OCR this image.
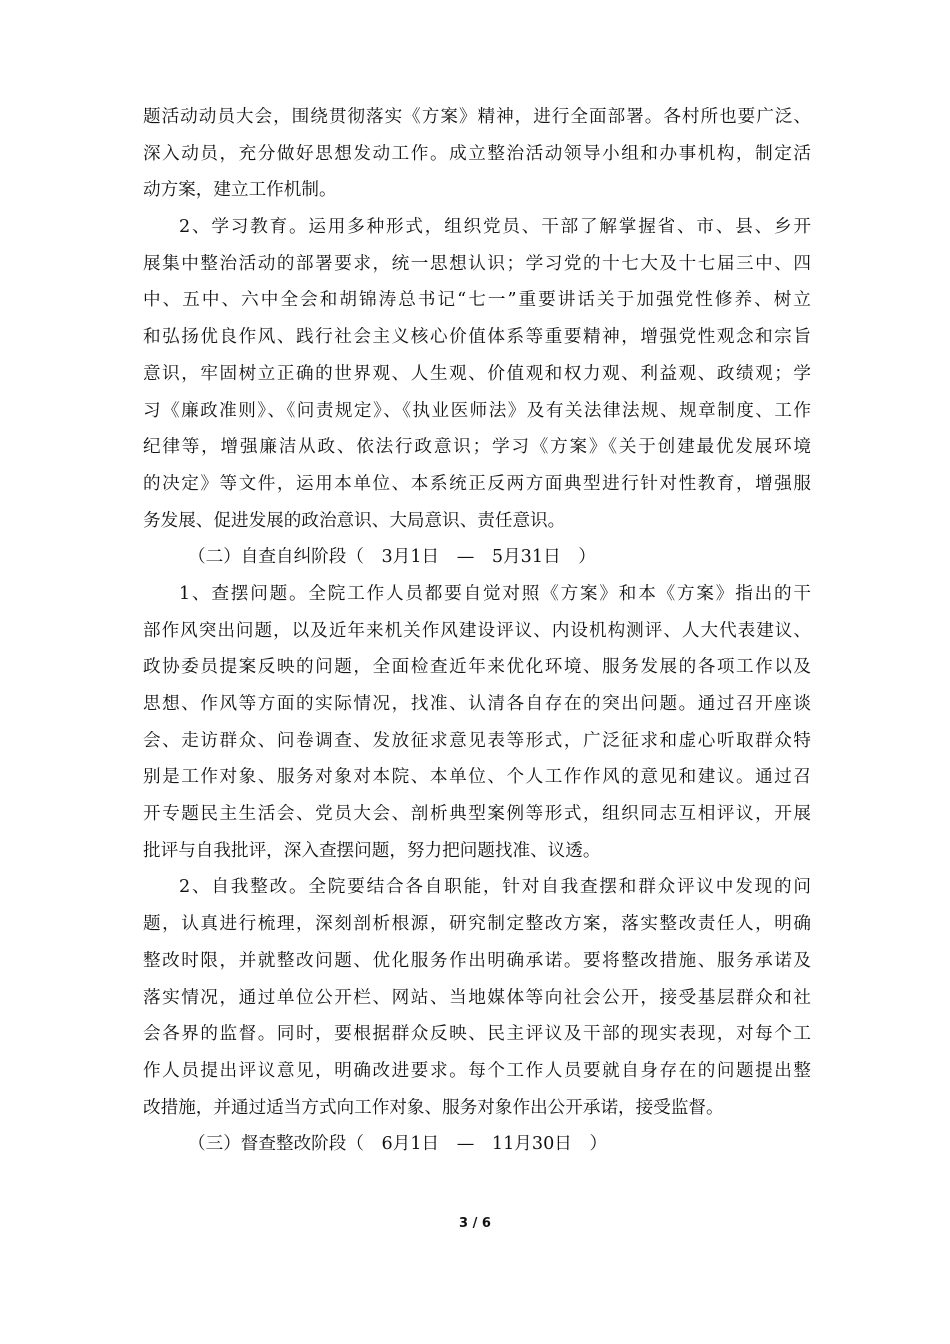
题活动动员大会，围绕贯彻落实《方案》精神，进行全面部署。各村所也要广泛、
深入动员，充分做好思想发动工作。成立整治活动领导小组和办事机构，制定活
动方案，建立工作机制。
2、学习教育。运用多种形式，组织党员、干部了解掌握省、市、县、乡开
展集中整治活动的部署要求，统一思想认识；学习党的十七大及十七届三中、四
中、五中、六中全会和胡锦涛总书记“七一”重要讲话关于加强党性修养、树立
和弘扬优良作风、践行社会主义核心价值体系等重要精神，增强党性观念和宗旨
意识，牢固树立正确的世界观、人生观、价值观和权力观、利益观、政绩观；学
习《廉政准则》、《问责规定》、《执业医师法》及有关法律法规、规章制度、工作
纪律等，增强廉洁从政、依法行政意识；学习《方案》《关于创建最优发展环境
的决定》等文件，运用本单位、本系统正反两方面典型进行针对性教育，增强服
务发展、促进发展的政治意识、大局意识、责任意识。
（二）自查自纠阶段（　3月1日　—　5月31日　）
1、查摆问题。全院工作人员都要自觉对照《方案》和本《方案》指出的干
部作风突出问题，以及近年来机关作风建设评议、内设机构测评、人大代表建议、
政协委员提案反映的问题，全面检查近年来优化环境、服务发展的各项工作以及
思想、作风等方面的实际情况，找准、认清各自存在的突出问题。通过召开座谈
会、走访群众、问卷调查、发放征求意见表等形式，广泛征求和虚心听取群众特
别是工作对象、服务对象对本院、本单位、个人工作作风的意见和建议。通过召
开专题民主生活会、党员大会、剖析典型案例等形式，组织同志互相评议，开展
批评与自我批评，深入查摆问题，努力把问题找准、议透。
2、自我整改。全院要结合各自职能，针对自我查摆和群众评议中发现的问
题，认真进行梳理，深刻剖析根源，研究制定整改方案，落实整改责任人，明确
整改时限，并就整改问题、优化服务作出明确承诺。要将整改措施、服务承诺及
落实情况，通过单位公开栏、网站、当地媒体等向社会公开，接受基层群众和社
会各界的监督。同时，要根据群众反映、民主评议及干部的现实表现，对每个工
作人员提出评议意见，明确改进要求。每个工作人员要就自身存在的问题提出整
改措施，并通过适当方式向工作对象、服务对象作出公开承诺，接受监督。
（三）督查整改阶段（　6月1日　—　11月30日　）
3 / 6
